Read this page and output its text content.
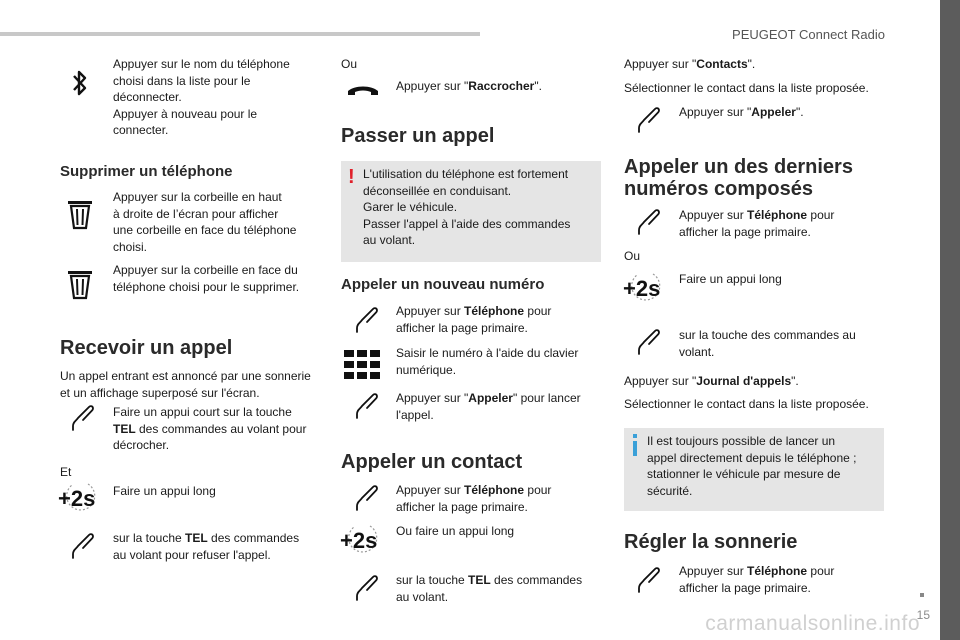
PEUGEOT Connect Radio
15
carmanualsonline.info
Appuyer sur le nom du téléphone
choisi dans la liste pour le
déconnecter.
Appuyer à nouveau pour le
connecter.
Supprimer un téléphone
Appuyer sur la corbeille en haut
à droite de l’écran pour afficher
une corbeille en face du téléphone
choisi.
Appuyer sur la corbeille en face du
téléphone choisi pour le supprimer.
Recevoir un appel
Un appel entrant est annoncé par une sonnerie
et un affichage superposé sur l'écran.
Faire un appui court sur la touche
TEL des commandes au volant pour
décrocher.
Et
+2s Faire un appui long
sur la touche TEL des commandes
au volant pour refuser l'appel.
Ou
Appuyer sur "Raccrocher".
Passer un appel
! L'utilisation du téléphone est fortement
déconseillée en conduisant.
Garer le véhicule.
Passer l'appel à l'aide des commandes
au volant.
Appeler un nouveau numéro
Appuyer sur Téléphone pour
afficher la page primaire.
Saisir le numéro à l'aide du clavier
numérique.
Appuyer sur "Appeler" pour lancer
l'appel.
Appeler un contact
Appuyer sur Téléphone pour
afficher la page primaire.
+2s Ou faire un appui long
sur la touche TEL des commandes
au volant.
Appuyer sur "Contacts".
Sélectionner le contact dans la liste proposée.
Appuyer sur "Appeler".
Appeler un des derniers
numéros composés
Appuyer sur Téléphone pour
afficher la page primaire.
Ou
+2s Faire un appui long
sur la touche des commandes au
volant.
Appuyer sur "Journal d'appels".
Sélectionner le contact dans la liste proposée.
Il est toujours possible de lancer un
appel directement depuis le téléphone ;
stationner le véhicule par mesure de
sécurité.
Régler la sonnerie
Appuyer sur Téléphone pour
afficher la page primaire.
